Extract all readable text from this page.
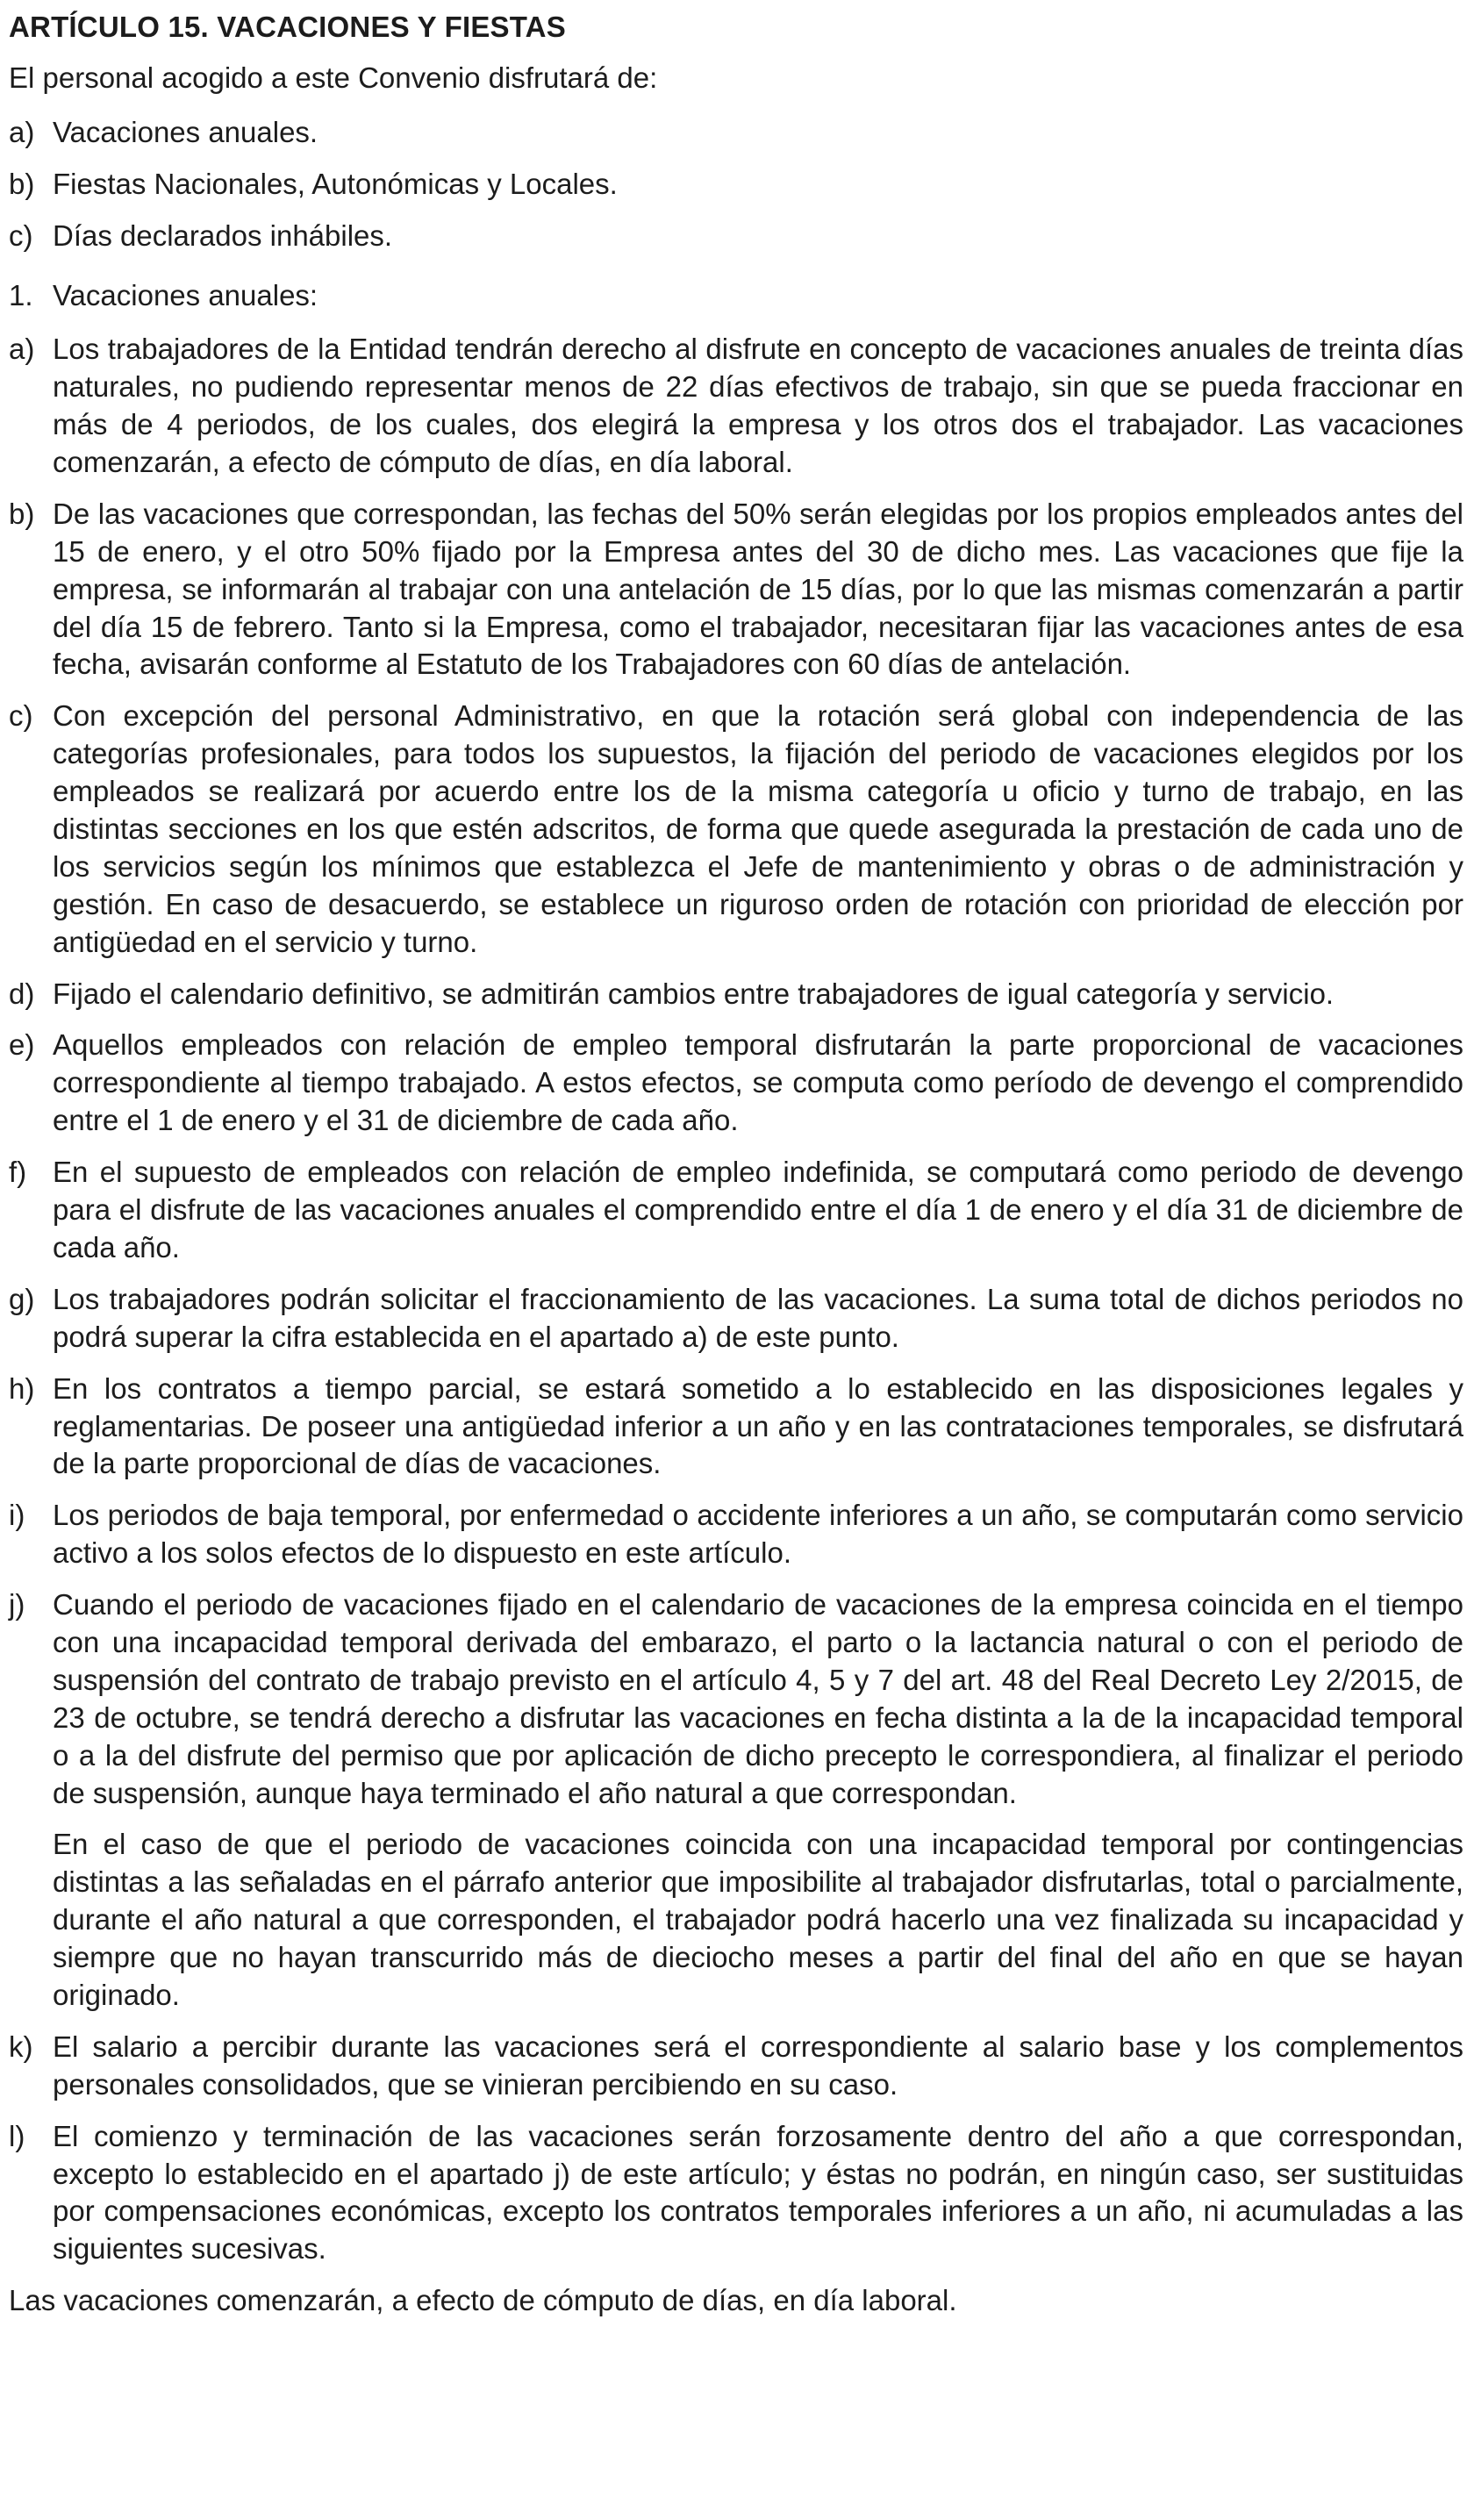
ARTÍCULO 15. VACACIONES Y FIESTAS

El personal acogido a este Convenio disfrutará de:

a) Vacaciones anuales.
b) Fiestas Nacionales, Autonómicas y Locales.
c) Días declarados inhábiles.
1. Vacaciones anuales:
a) Los trabajadores de la Entidad tendrán derecho al disfrute en concepto de vacaciones anuales de treinta días naturales, no pudiendo representar menos de 22 días efectivos de trabajo, sin que se pueda fraccionar en más de 4 periodos, de los cuales, dos elegirá la empresa y los otros dos el trabajador. Las vacaciones comenzarán, a efecto de cómputo de días, en día laboral.
b) De las vacaciones que correspondan, las fechas del 50% serán elegidas por los propios empleados antes del 15 de enero, y el otro 50% fijado por la Empresa antes del 30 de dicho mes. Las vacaciones que fije la empresa, se informarán al trabajar con una antelación de 15 días, por lo que las mismas comenzarán a partir del día 15 de febrero. Tanto si la Empresa, como el trabajador, necesitaran fijar las vacaciones antes de esa fecha, avisarán conforme al Estatuto de los Trabajadores con 60 días de antelación.
c) Con excepción del personal Administrativo, en que la rotación será global con independencia de las categorías profesionales, para todos los supuestos, la fijación del periodo de vacaciones elegidos por los empleados se realizará por acuerdo entre los de la misma categoría u oficio y turno de trabajo, en las distintas secciones en los que estén adscritos, de forma que quede asegurada la prestación de cada uno de los servicios según los mínimos que establezca el Jefe de mantenimiento y obras o de administración y gestión. En caso de desacuerdo, se establece un riguroso orden de rotación con prioridad de elección por antigüedad en el servicio y turno.
d) Fijado el calendario definitivo, se admitirán cambios entre trabajadores de igual categoría y servicio.
e) Aquellos empleados con relación de empleo temporal disfrutarán la parte proporcional de vacaciones correspondiente al tiempo trabajado. A estos efectos, se computa como período de devengo el comprendido entre el 1 de enero y el 31 de diciembre de cada año.
f) En el supuesto de empleados con relación de empleo indefinida, se computará como periodo de devengo para el disfrute de las vacaciones anuales el comprendido entre el día 1 de enero y el día 31 de diciembre de cada año.
g) Los trabajadores podrán solicitar el fraccionamiento de las vacaciones. La suma total de dichos periodos no podrá superar la cifra establecida en el apartado a) de este punto.
h) En los contratos a tiempo parcial, se estará sometido a lo establecido en las disposiciones legales y reglamentarias. De poseer una antigüedad inferior a un año y en las contrataciones temporales, se disfrutará de la parte proporcional de días de vacaciones.
i) Los periodos de baja temporal, por enfermedad o accidente inferiores a un año, se computarán como servicio activo a los solos efectos de lo dispuesto en este artículo.
j) Cuando el periodo de vacaciones fijado en el calendario de vacaciones de la empresa coincida en el tiempo con una incapacidad temporal derivada del embarazo, el parto o la lactancia natural o con el periodo de suspensión del contrato de trabajo previsto en el artículo 4, 5 y 7 del art. 48 del Real Decreto Ley 2/2015, de 23 de octubre, se tendrá derecho a disfrutar las vacaciones en fecha distinta a la de la incapacidad temporal o a la del disfrute del permiso que por aplicación de dicho precepto le correspondiera, al finalizar el periodo de suspensión, aunque haya terminado el año natural a que correspondan.
En el caso de que el periodo de vacaciones coincida con una incapacidad temporal por contingencias distintas a las señaladas en el párrafo anterior que imposibilite al trabajador disfrutarlas, total o parcialmente, durante el año natural a que corresponden, el trabajador podrá hacerlo una vez finalizada su incapacidad y siempre que no hayan transcurrido más de dieciocho meses a partir del final del año en que se hayan originado.
k) El salario a percibir durante las vacaciones será el correspondiente al salario base y los complementos personales consolidados, que se vinieran percibiendo en su caso.
l) El comienzo y terminación de las vacaciones serán forzosamente dentro del año a que correspondan, excepto lo establecido en el apartado j) de este artículo; y éstas no podrán, en ningún caso, ser sustituidas por compensaciones económicas, excepto los contratos temporales inferiores a un año, ni acumuladas a las siguientes sucesivas.

Las vacaciones comenzarán, a efecto de cómputo de días, en día laboral.
